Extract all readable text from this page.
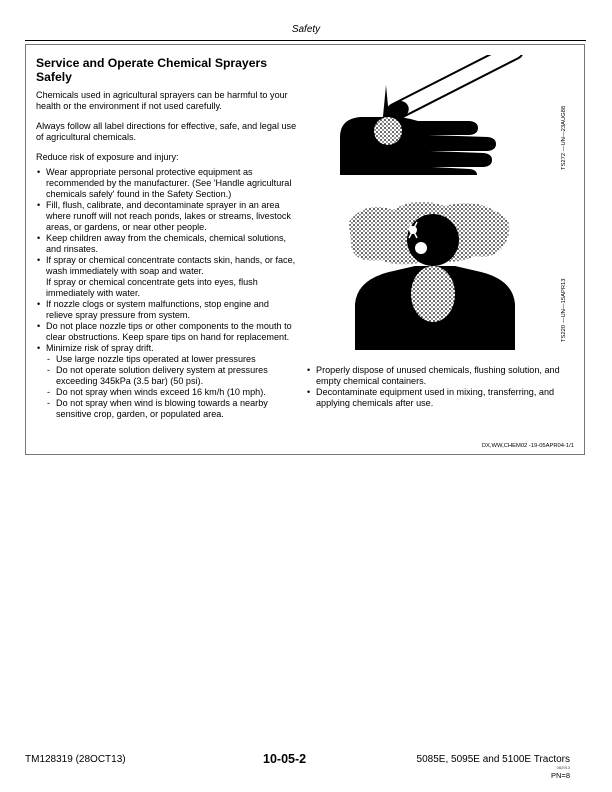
Safety
Service and Operate Chemical Sprayers Safely
Chemicals used in agricultural sprayers can be harmful to your health or the environment if not used carefully.
Always follow all label directions for effective, safe, and legal use of agricultural chemicals.
Reduce risk of exposure and injury:
• Wear appropriate personal protective equipment as recommended by the manufacturer. (See 'Handle agricultural chemicals safely' found in the Safety Section.)
• Fill, flush, calibrate, and decontaminate sprayer in an area where runoff will not reach ponds, lakes or streams, livestock areas, or gardens, or near other people.
• Keep children away from the chemicals, chemical solutions, and rinsates.
• If spray or chemical concentrate contacts skin, hands, or face, wash immediately with soap and water.
If spray or chemical concentrate gets into eyes, flush immediately with water.
• If nozzle clogs or system malfunctions, stop engine and relieve spray pressure from system.
• Do not place nozzle tips or other components to the mouth to clear obstructions. Keep spare tips on hand for replacement.
• Minimize risk of spray drift.
- Use large nozzle tips operated at lower pressures
- Do not operate solution delivery system at pressures exceeding 345kPa (3.5 bar) (50 psi).
- Do not spray when winds exceed 16 km/h (10 mph).
- Do not spray when wind is blowing towards a nearby sensitive crop, garden, or populated area.
TS272 —UN—23AUG88
TS220 —UN—15APR13
• Properly dispose of unused chemicals, flushing solution, and empty chemical containers.
• Decontaminate equipment used in mixing, transferring, and applying chemicals after use.
DX,WW,CHEM02 -19-05APR04-1/1
TM128319 (28OCT13)	10-05-2	5085E, 5095E and 5100E Tractors
082913
PN=8
